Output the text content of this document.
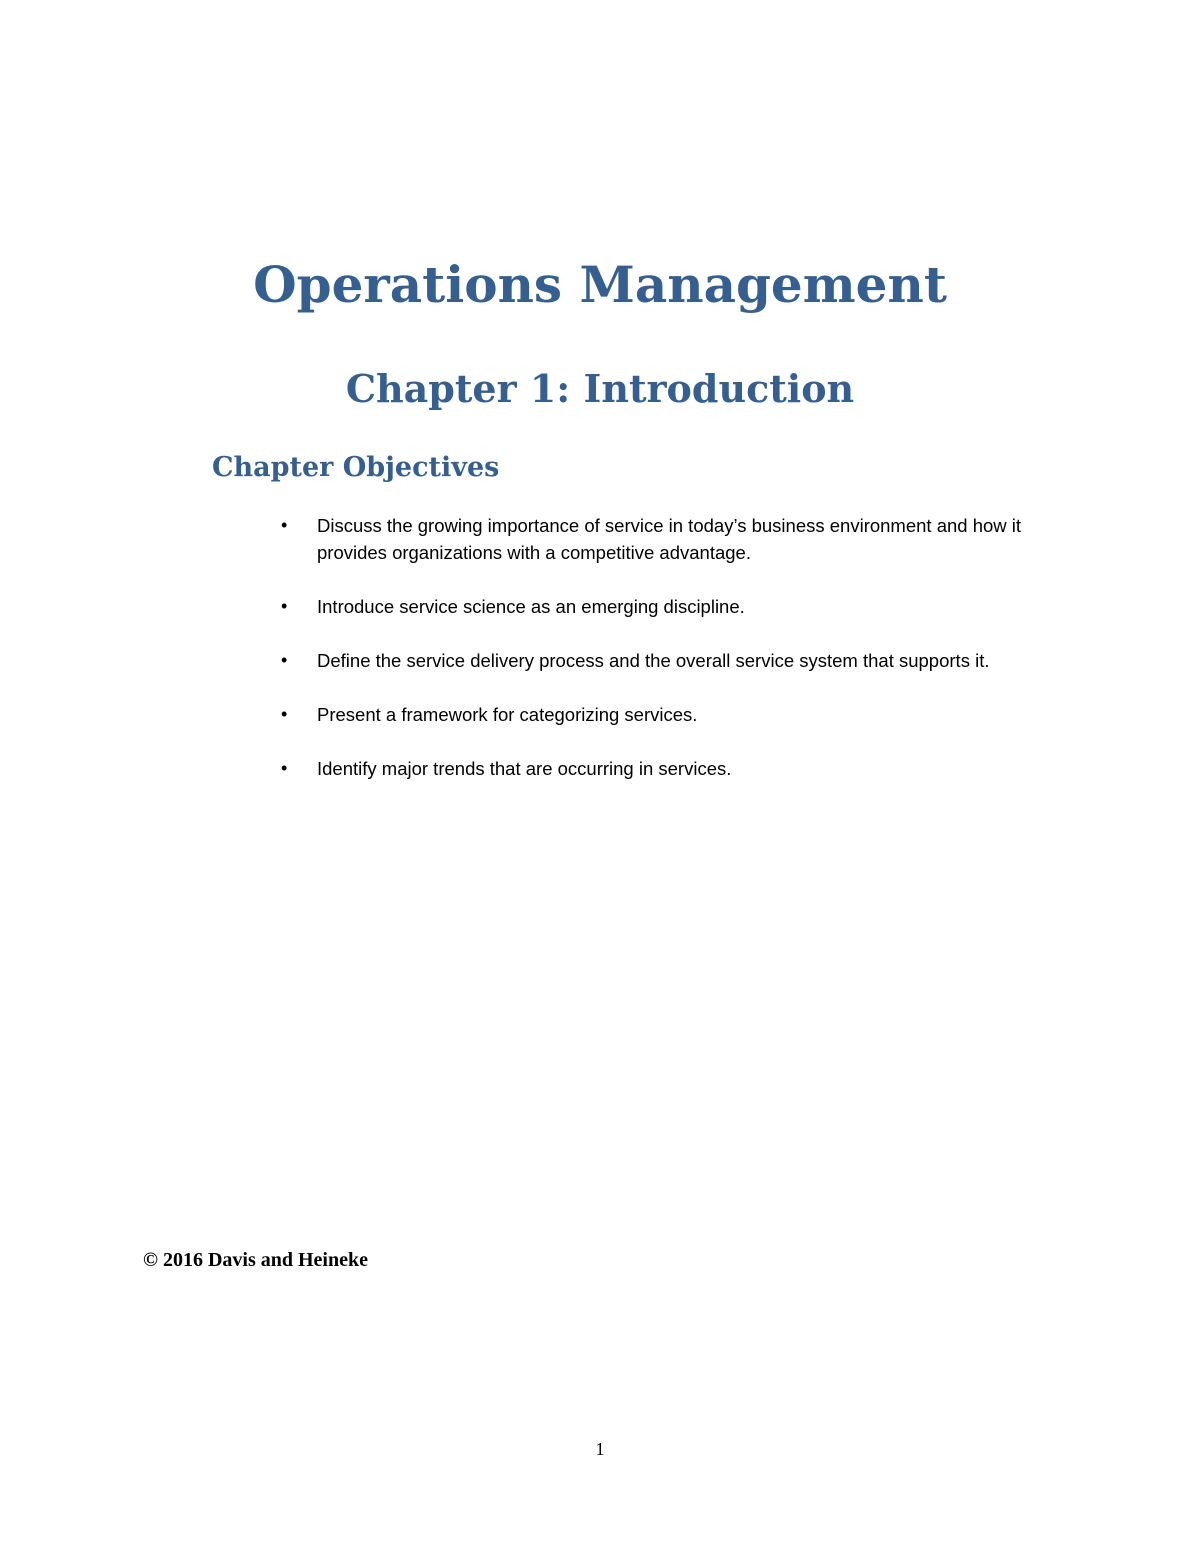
Operations Management
Chapter 1: Introduction
Chapter Objectives
• Discuss the growing importance of service in today’s business environment and how it provides organizations with a competitive advantage.
• Introduce service science as an emerging discipline.
• Define the service delivery process and the overall service system that supports it.
• Present a framework for categorizing services.
• Identify major trends that are occurring in services.

© 2016 Davis and Heineke

1
